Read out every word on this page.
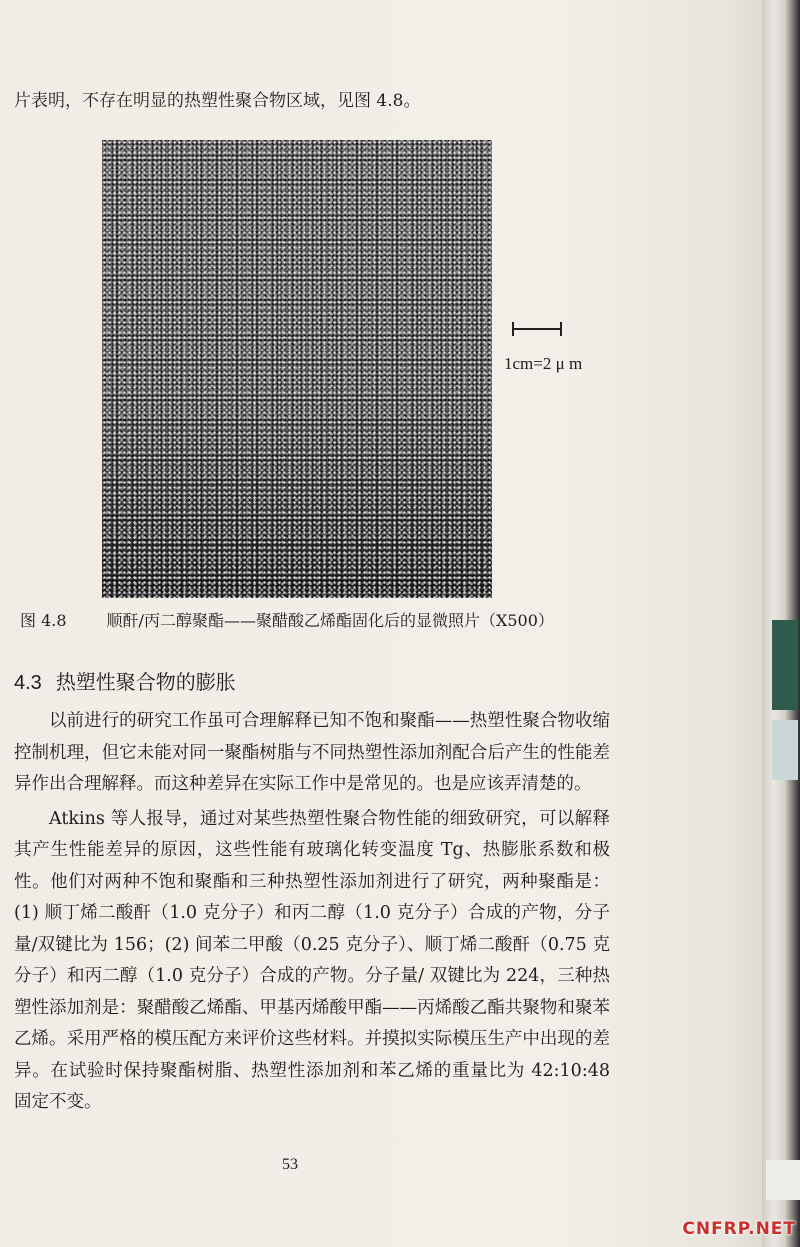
片表明，不存在明显的热塑性聚合物区域，见图 4.8。
1cm=2 μ m
图 4.8	顺酐/丙二醇聚酯——聚醋酸乙烯酯固化后的显微照片（X500）
4.3 热塑性聚合物的膨胀

以前进行的研究工作虽可合理解释已知不饱和聚酯——热塑性聚合物收缩控制机理，但它未能对同一聚酯树脂与不同热塑性添加剂配合后产生的性能差异作出合理解释。而这种差异在实际工作中是常见的。也是应该弄清楚的。

Atkins 等人报导，通过对某些热塑性聚合物性能的细致研究，可以解释其产生性能差异的原因，这些性能有玻璃化转变温度 Tg、热膨胀系数和极性。他们对两种不饱和聚酯和三种热塑性添加剂进行了研究，两种聚酯是：(1) 顺丁烯二酸酐（1.0 克分子）和丙二醇（1.0 克分子）合成的产物，分子量/双键比为 156；(2) 间苯二甲酸（0.25 克分子）、顺丁烯二酸酐（0.75 克分子）和丙二醇（1.0 克分子）合成的产物。分子量/ 双键比为 224，三种热塑性添加剂是：聚醋酸乙烯酯、甲基丙烯酸甲酯——丙烯酸乙酯共聚物和聚苯乙烯。采用严格的模压配方来评价这些材料。并摸拟实际模压生产中出现的差异。在试验时保持聚酯树脂、热塑性添加剂和苯乙烯的重量比为 42:10:48 固定不变。

53
CNFRP.NET
